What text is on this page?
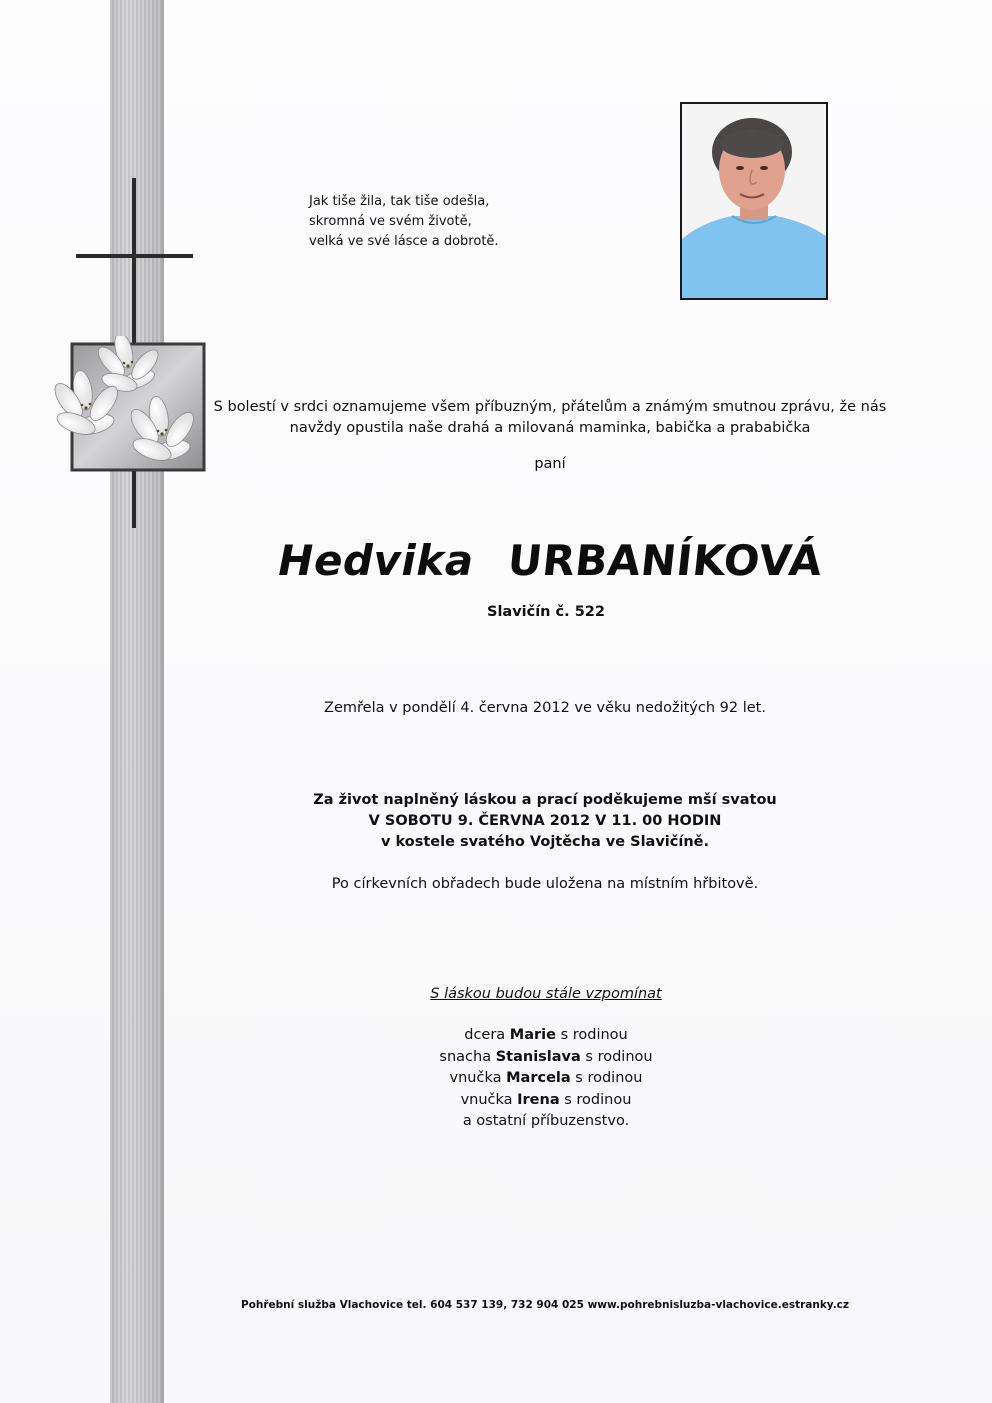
Jak tiše žila, tak tiše odešla,
skromná ve svém životě,
velká ve své lásce a dobrotě.
S bolestí v srdci oznamujeme všem příbuzným, přátelům a známým smutnou zprávu, že nás
navždy opustila naše drahá a milovaná maminka, babička a prababička
paní
Hedvika URBANÍKOVÁ
Slavičín č. 522
Zemřela v pondělí 4. června 2012 ve věku nedožitých 92 let.
Za život naplněný láskou a prací poděkujeme mší svatou
V SOBOTU 9. ČERVNA 2012 V 11. 00 HODIN
v kostele svatého Vojtěcha ve Slavičíně.
Po církevních obřadech bude uložena na místním hřbitově.
S láskou budou stále vzpomínat
dcera Marie s rodinou
snacha Stanislava s rodinou
vnučka Marcela s rodinou
vnučka Irena s rodinou
a ostatní příbuzenstvo.
Pohřební služba Vlachovice tel. 604 537 139, 732 904 025 www.pohrebnisluzba-vlachovice.estranky.cz
